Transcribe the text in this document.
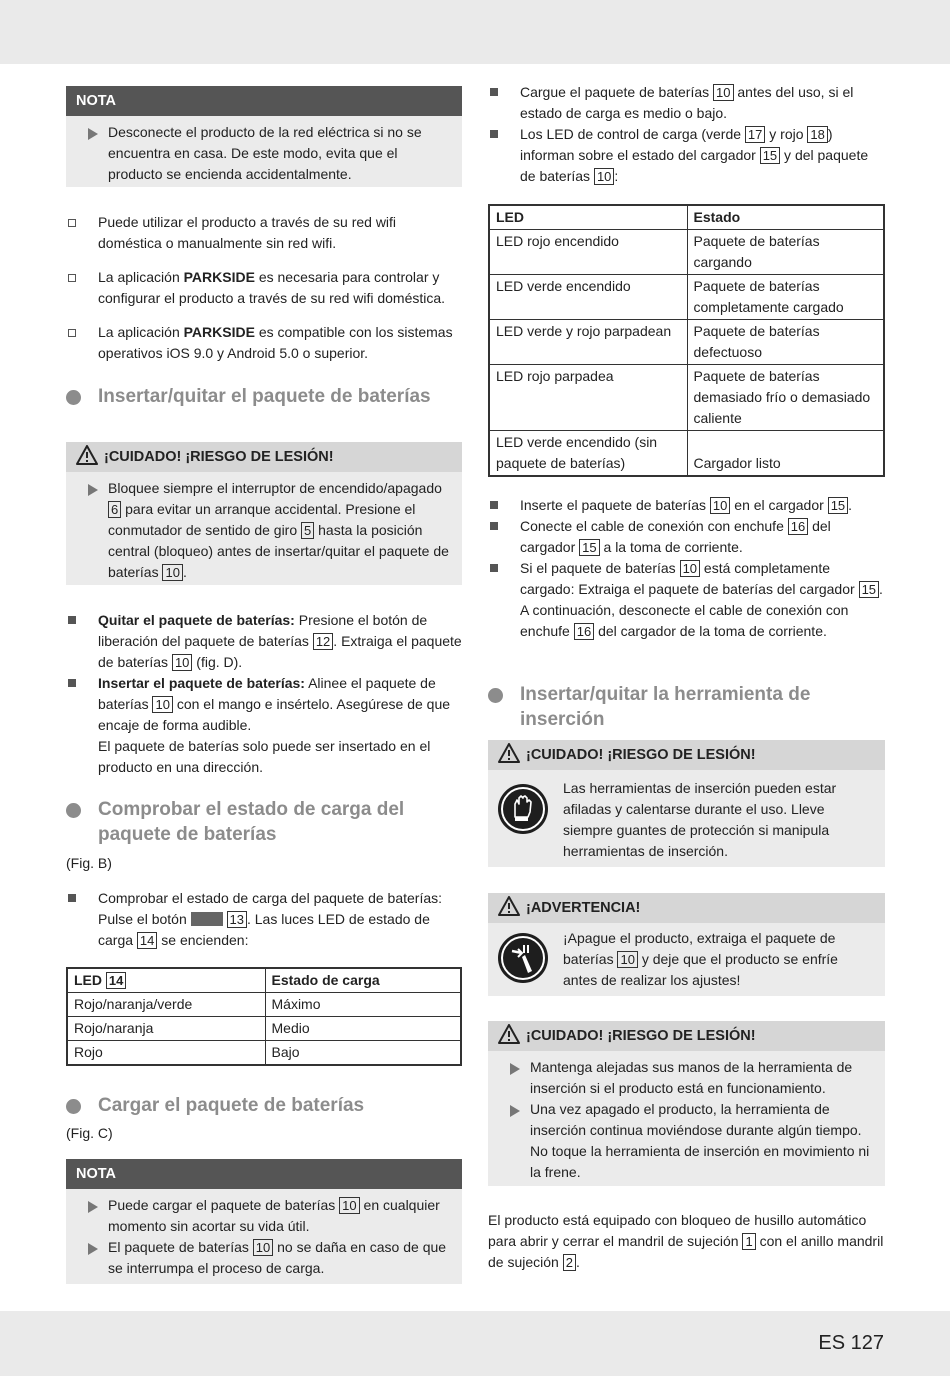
NOTA
Desconecte el producto de la red eléctrica si no se encuentra en casa. De este modo, evita que el producto se encienda accidentalmente.
Puede utilizar el producto a través de su red wifi doméstica o manualmente sin red wifi.
La aplicación PARKSIDE es necesaria para controlar y configurar el producto a través de su red wifi doméstica.
La aplicación PARKSIDE es compatible con los sistemas operativos iOS 9.0 y Android 5.0 o superior.
Insertar/quitar el paquete de baterías
¡CUIDADO! ¡RIESGO DE LESIÓN!
Bloquee siempre el interruptor de encendido/apagado 6 para evitar un arranque accidental. Presione el conmutador de sentido de giro 5 hasta la posición central (bloqueo) antes de insertar/quitar el paquete de baterías 10 .
Quitar el paquete de baterías: Presione el botón de liberación del paquete de baterías 12 . Extraiga el paquete de baterías 10 (fig. D).
Insertar el paquete de baterías: Alinee el paquete de baterías 10 con el mango e insértelo. Asegúrese de que encaje de forma audible.
El paquete de baterías solo puede ser insertado en el producto en una dirección.
Comprobar el estado de carga del paquete de baterías
(Fig. B)
Comprobar el estado de carga del paquete de baterías: Pulse el botón	13 . Las luces LED de estado de carga 14 se encienden:
LED 14	Estado de carga
Rojo/naranja/verde	Máximo
Rojo/naranja	Medio
Rojo	Bajo
Cargar el paquete de baterías
(Fig. C)
NOTA
Puede cargar el paquete de baterías 10 en cualquier momento sin acortar su vida útil.
El paquete de baterías 10 no se daña en caso de que se interrumpa el proceso de carga.
Cargue el paquete de baterías 10 antes del uso, si el estado de carga es medio o bajo.
Los LED de control de carga (verde 17 y rojo 18 ) informan sobre el estado del cargador 15 y del paquete de baterías 10 :
LED	Estado
LED rojo encendido	Paquete de baterías cargando
LED verde encendido	Paquete de baterías completamente cargado
LED verde y rojo parpadean	Paquete de baterías defectuoso
LED rojo parpadea	Paquete de baterías demasiado frío o demasiado caliente
LED verde encendido (sin paquete de baterías)	Cargador listo
Inserte el paquete de baterías 10 en el cargador 15 .
Conecte el cable de conexión con enchufe 16 del cargador 15 a la toma de corriente.
Si el paquete de baterías 10 está completamente cargado: Extraiga el paquete de baterías del cargador 15 . A continuación, desconecte el cable de conexión con enchufe 16 del cargador de la toma de corriente.
Insertar/quitar la herramienta de inserción
¡CUIDADO! ¡RIESGO DE LESIÓN!
Las herramientas de inserción pueden estar afiladas y calentarse durante el uso. Lleve siempre guantes de protección si manipula herramientas de inserción.
¡ADVERTENCIA!
¡Apague el producto, extraiga el paquete de baterías 10 y deje que el producto se enfríe antes de realizar los ajustes!
¡CUIDADO! ¡RIESGO DE LESIÓN!
Mantenga alejadas sus manos de la herramienta de inserción si el producto está en funcionamiento.
Una vez apagado el producto, la herramienta de inserción continua moviéndose durante algún tiempo. No toque la herramienta de inserción en movimiento ni la frene.
El producto está equipado con bloqueo de husillo automático para abrir y cerrar el mandril de sujeción 1 con el anillo mandril de sujeción 2 .
ES 127
